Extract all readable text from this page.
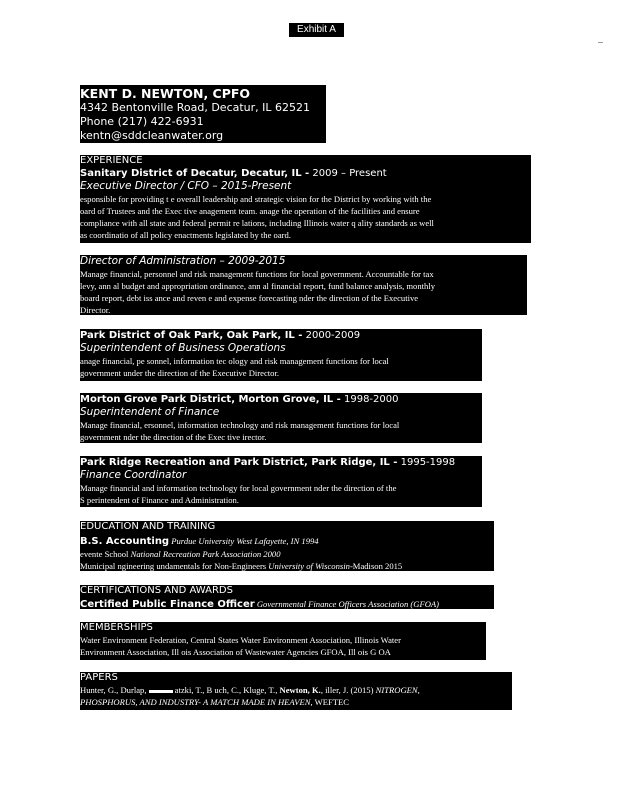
Exhibit A
KENT D. NEWTON, CPFO
4342 Bentonville Road, Decatur, IL 62521
Phone (217) 422-6931
kentn@sddcleanwater.org
EXPERIENCE
Sanitary District of Decatur, Decatur, IL - 2009 – Present
Executive Director / CFO – 2015-Present
esponsible for providing t e overall leadership and strategic vision for the District by working with the
oard of Trustees and the Exec tive anagement team. anage the operation of the facilities and ensure
compliance with all state and federal permit re lations, including Illinois water q ality standards as well
as coordinatio of all policy enactments legislated by the oard.
Director of Administration – 2009-2015
Manage financial, personnel and risk management functions for local government. Accountable for tax
levy, ann al budget and appropriation ordinance, ann al financial report, fund balance analysis, monthly
board report, debt iss ance and reven e and expense forecasting nder the direction of the Executive
Director.
Park District of Oak Park, Oak Park, IL - 2000-2009
Superintendent of Business Operations
anage financial, pe sonnel, information tec ology and risk management functions for local
government under the direction of the Executive Director.
Morton Grove Park District, Morton Grove, IL - 1998-2000
Superintendent of Finance
Manage financial, ersonnel, information technology and risk management functions for local
government nder the direction of the Exec tive irector.
Park Ridge Recreation and Park District, Park Ridge, IL - 1995-1998
Finance Coordinator
Manage financial and information technology for local government nder the direction of the
S perintendent of Finance and Administration.
EDUCATION AND TRAINING
B.S. Accounting Purdue University West Lafayette, IN 1994
evente School National Recreation Park Association 2000
Municipal ngineering undamentals for Non-Engineers University of Wisconsin-Madison 2015
CERTIFICATIONS AND AWARDS
Certified Public Finance Officer Governmental Finance Officers Association (GFOA)
MEMBERSHIPS
Water Environment Federation, Central States Water Environment Association, Illinois Water
Environment Association, Ill ois Association of Wastewater Agencies GFOA, Ill ois G OA
PAPERS
Hunter, G., Durlap,	atzki, T., B uch, C., Kluge, T., Newton, K., iller, J. (2015) NITROGEN,
PHOSPHORUS, AND INDUSTRY- A MATCH MADE IN HEAVEN, WEFTEC
